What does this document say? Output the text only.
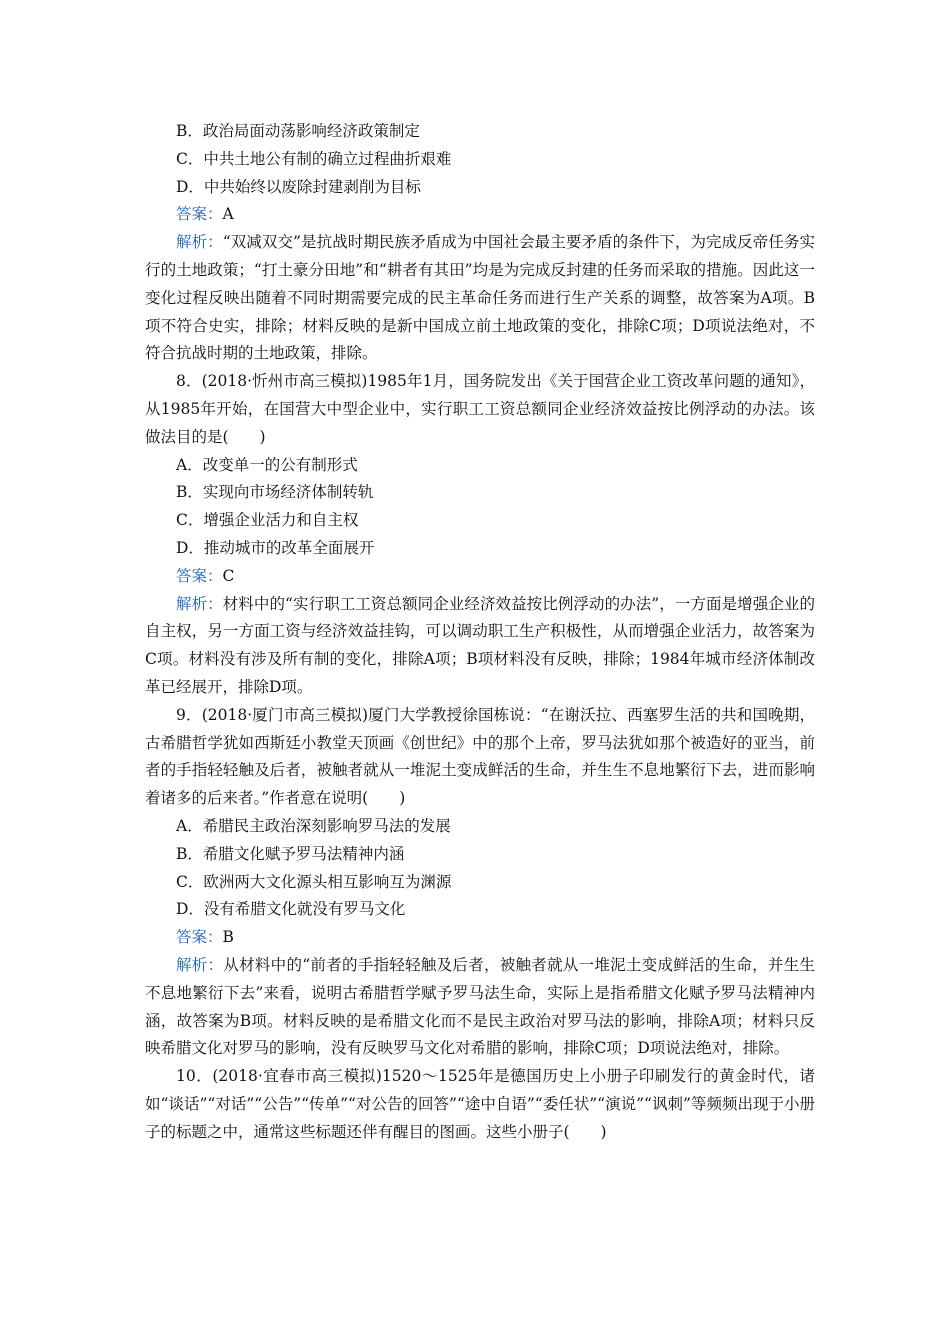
B．政治局面动荡影响经济政策制定
C．中共土地公有制的确立过程曲折艰难
D．中共始终以废除封建剥削为目标
答案：A

解析：“双减双交”是抗战时期民族矛盾成为中国社会最主要矛盾的条件下，为完成反帝任务实行的土地政策；“打土豪分田地”和“耕者有其田”均是为完成反封建的任务而采取的措施。因此这一变化过程反映出随着不同时期需要完成的民主革命任务而进行生产关系的调整，故答案为A项。B项不符合史实，排除；材料反映的是新中国成立前土地政策的变化，排除C项；D项说法绝对，不符合抗战时期的土地政策，排除。

8．(2018·忻州市高三模拟)1985年1月，国务院发出《关于国营企业工资改革问题的通知》，从1985年开始，在国营大中型企业中，实行职工工资总额同企业经济效益按比例浮动的办法。该做法目的是(　　)

A．改变单一的公有制形式
B．实现向市场经济体制转轨
C．增强企业活力和自主权
D．推动城市的改革全面展开
答案：C

解析：材料中的“实行职工工资总额同企业经济效益按比例浮动的办法”，一方面是增强企业的自主权，另一方面工资与经济效益挂钩，可以调动职工生产积极性，从而增强企业活力，故答案为C项。材料没有涉及所有制的变化，排除A项；B项材料没有反映，排除；1984年城市经济体制改革已经展开，排除D项。

9．(2018·厦门市高三模拟)厦门大学教授徐国栋说：“在谢沃拉、西塞罗生活的共和国晚期，古希腊哲学犹如西斯廷小教堂天顶画《创世纪》中的那个上帝，罗马法犹如那个被造好的亚当，前者的手指轻轻触及后者，被触者就从一堆泥土变成鲜活的生命，并生生不息地繁衍下去，进而影响着诸多的后来者。”作者意在说明(　　)

A．希腊民主政治深刻影响罗马法的发展
B．希腊文化赋予罗马法精神内涵
C．欧洲两大文化源头相互影响互为渊源
D．没有希腊文化就没有罗马文化
答案：B

解析：从材料中的“前者的手指轻轻触及后者，被触者就从一堆泥土变成鲜活的生命，并生生不息地繁衍下去”来看，说明古希腊哲学赋予罗马法生命，实际上是指希腊文化赋予罗马法精神内涵，故答案为B项。材料反映的是希腊文化而不是民主政治对罗马法的影响，排除A项；材料只反映希腊文化对罗马的影响，没有反映罗马文化对希腊的影响，排除C项；D项说法绝对，排除。

10．(2018·宜春市高三模拟)1520～1525年是德国历史上小册子印刷发行的黄金时代，诸如“谈话”“对话”“公告”“传单”“对公告的回答”“途中自语”“委任状”“演说”“讽刺”等频频出现于小册子的标题之中，通常这些标题还伴有醒目的图画。这些小册子(　　)
